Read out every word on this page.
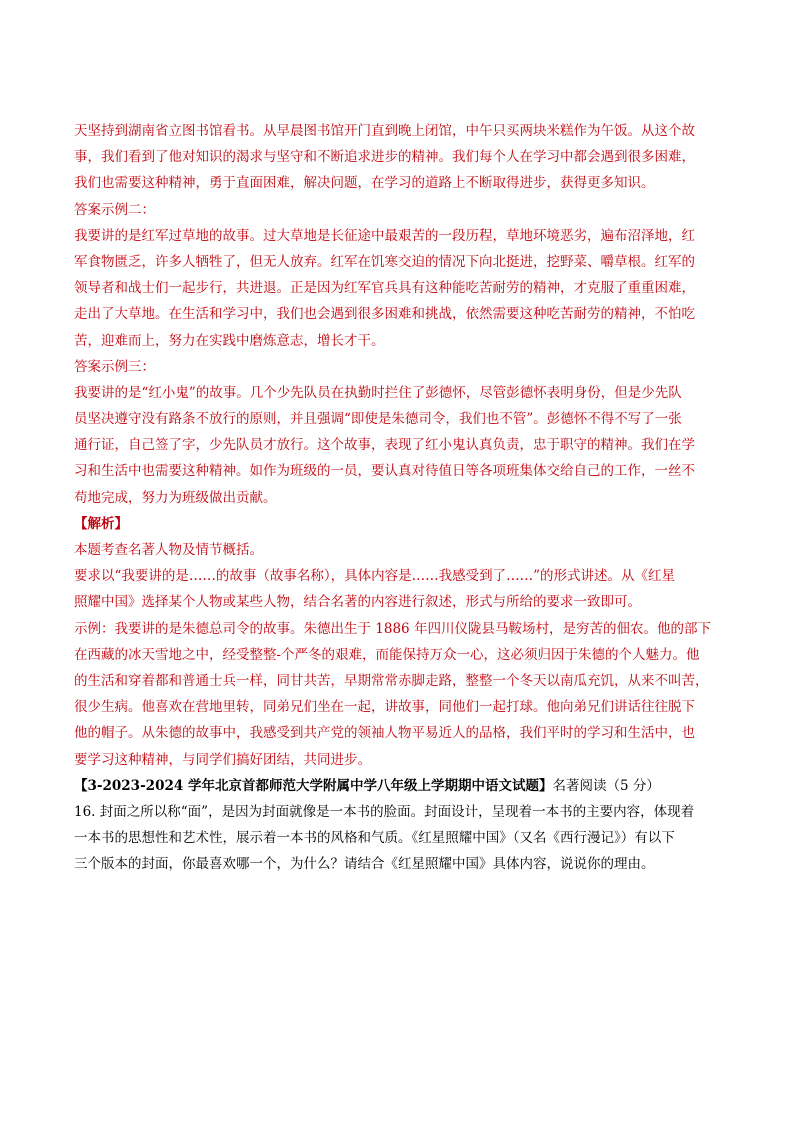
天坚持到湖南省立图书馆看书。从早晨图书馆开门直到晚上闭馆，中午只买两块米糕作为午饭。从这个故
事，我们看到了他对知识的渴求与坚守和不断追求进步的精神。我们每个人在学习中都会遇到很多困难，
我们也需要这种精神，勇于直面困难，解决问题，在学习的道路上不断取得进步，获得更多知识。
答案示例二：
我要讲的是红军过草地的故事。过大草地是长征途中最艰苦的一段历程，草地环境恶劣，遍布沼泽地，红
军食物匮乏，许多人牺牲了，但无人放弃。红军在饥寒交迫的情况下向北挺进，挖野菜、嚼草根。红军的
领导者和战士们一起步行，共进退。正是因为红军官兵具有这种能吃苦耐劳的精神，才克服了重重困难，
走出了大草地。在生活和学习中，我们也会遇到很多困难和挑战，依然需要这种吃苦耐劳的精神，不怕吃
苦，迎难而上，努力在实践中磨炼意志，增长才干。
答案示例三：
我要讲的是“红小鬼”的故事。几个少先队员在执勤时拦住了彭德怀，尽管彭德怀表明身份，但是少先队
员坚决遵守没有路条不放行的原则，并且强调“即使是朱德司令，我们也不管”。彭德怀不得不写了一张
通行证，自己签了字，少先队员才放行。这个故事，表现了红小鬼认真负责，忠于职守的精神。我们在学
习和生活中也需要这种精神。如作为班级的一员，要认真对待值日等各项班集体交给自己的工作，一丝不
苟地完成，努力为班级做出贡献。
【解析】
本题考查名著人物及情节概括。
要求以“我要讲的是……的故事（故事名称），具体内容是……我感受到了……”的形式讲述。从《红星
照耀中国》选择某个人物或某些人物，结合名著的内容进行叙述，形式与所给的要求一致即可。
示例：我要讲的是朱德总司令的故事。朱德出生于 1886 年四川仪陇县马鞍场村，是穷苦的佃农。他的部下
在西藏的冰天雪地之中，经受整整-个严冬的艰难，而能保持万众一心，这必须归因于朱德的个人魅力。他
的生活和穿着都和普通士兵一样，同甘共苦，早期常常赤脚走路，整整一个冬天以南瓜充饥，从来不叫苦，
很少生病。他喜欢在营地里转，同弟兄们坐在一起，讲故事，同他们一起打球。他向弟兄们讲话往往脱下
他的帽子。从朱德的故事中，我感受到共产党的领袖人物平易近人的品格，我们平时的学习和生活中，也
要学习这种精神，与同学们搞好团结，共同进步。
【3-2023-2024 学年北京首都师范大学附属中学八年级上学期期中语文试题】名著阅读（5 分）
16. 封面之所以称“面”，是因为封面就像是一本书的脸面。封面设计，呈现着一本书的主要内容，体现着
一本书的思想性和艺术性，展示着一本书的风格和气质。《红星照耀中国》（又名《西行漫记》）有以下
三个版本的封面，你最喜欢哪一个，为什么？请结合《红星照耀中国》具体内容，说说你的理由。
